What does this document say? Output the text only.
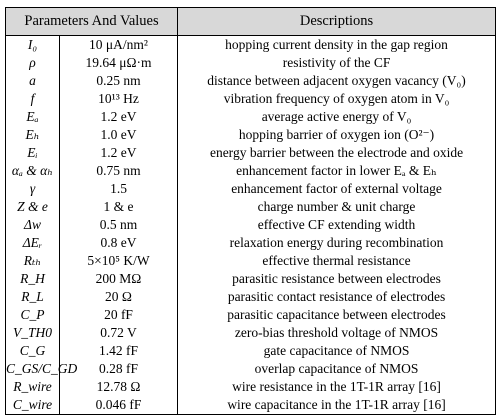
Parameters And Values		Descriptions
I₀	10 μA/nm²	hopping current density in the gap region
ρ	19.64 μΩ·m	resistivity of the CF
a	0.25 nm	distance between adjacent oxygen vacancy (V₀)
f	10¹³ Hz	vibration frequency of oxygen atom in V₀
Eₐ	1.2 eV	average active energy of V₀
Eₕ	1.0 eV	hopping barrier of oxygen ion (O²⁻)
Eᵢ	1.2 eV	energy barrier between the electrode and oxide
αₐ & αₕ	0.75 nm	enhancement factor in lower Eₐ & Eₕ
γ	1.5	enhancement factor of external voltage
Z & e	1 & e	charge number & unit charge
Δw	0.5 nm	effective CF extending width
ΔEᵣ	0.8 eV	relaxation energy during recombination
Rₜₕ	5×10⁵ K/W	effective thermal resistance
R_H	200 MΩ	parasitic resistance between electrodes
R_L	20 Ω	parasitic contact resistance of electrodes
C_P	20 fF	parasitic capacitance between electrodes
V_TH0	0.72 V	zero-bias threshold voltage of NMOS
C_G	1.42 fF	gate capacitance of NMOS
C_GS/C_GD	0.28 fF	overlap capacitance of NMOS
R_wire	12.78 Ω	wire resistance in the 1T-1R array [16]
C_wire	0.046 fF	wire capacitance in the 1T-1R array [16]
